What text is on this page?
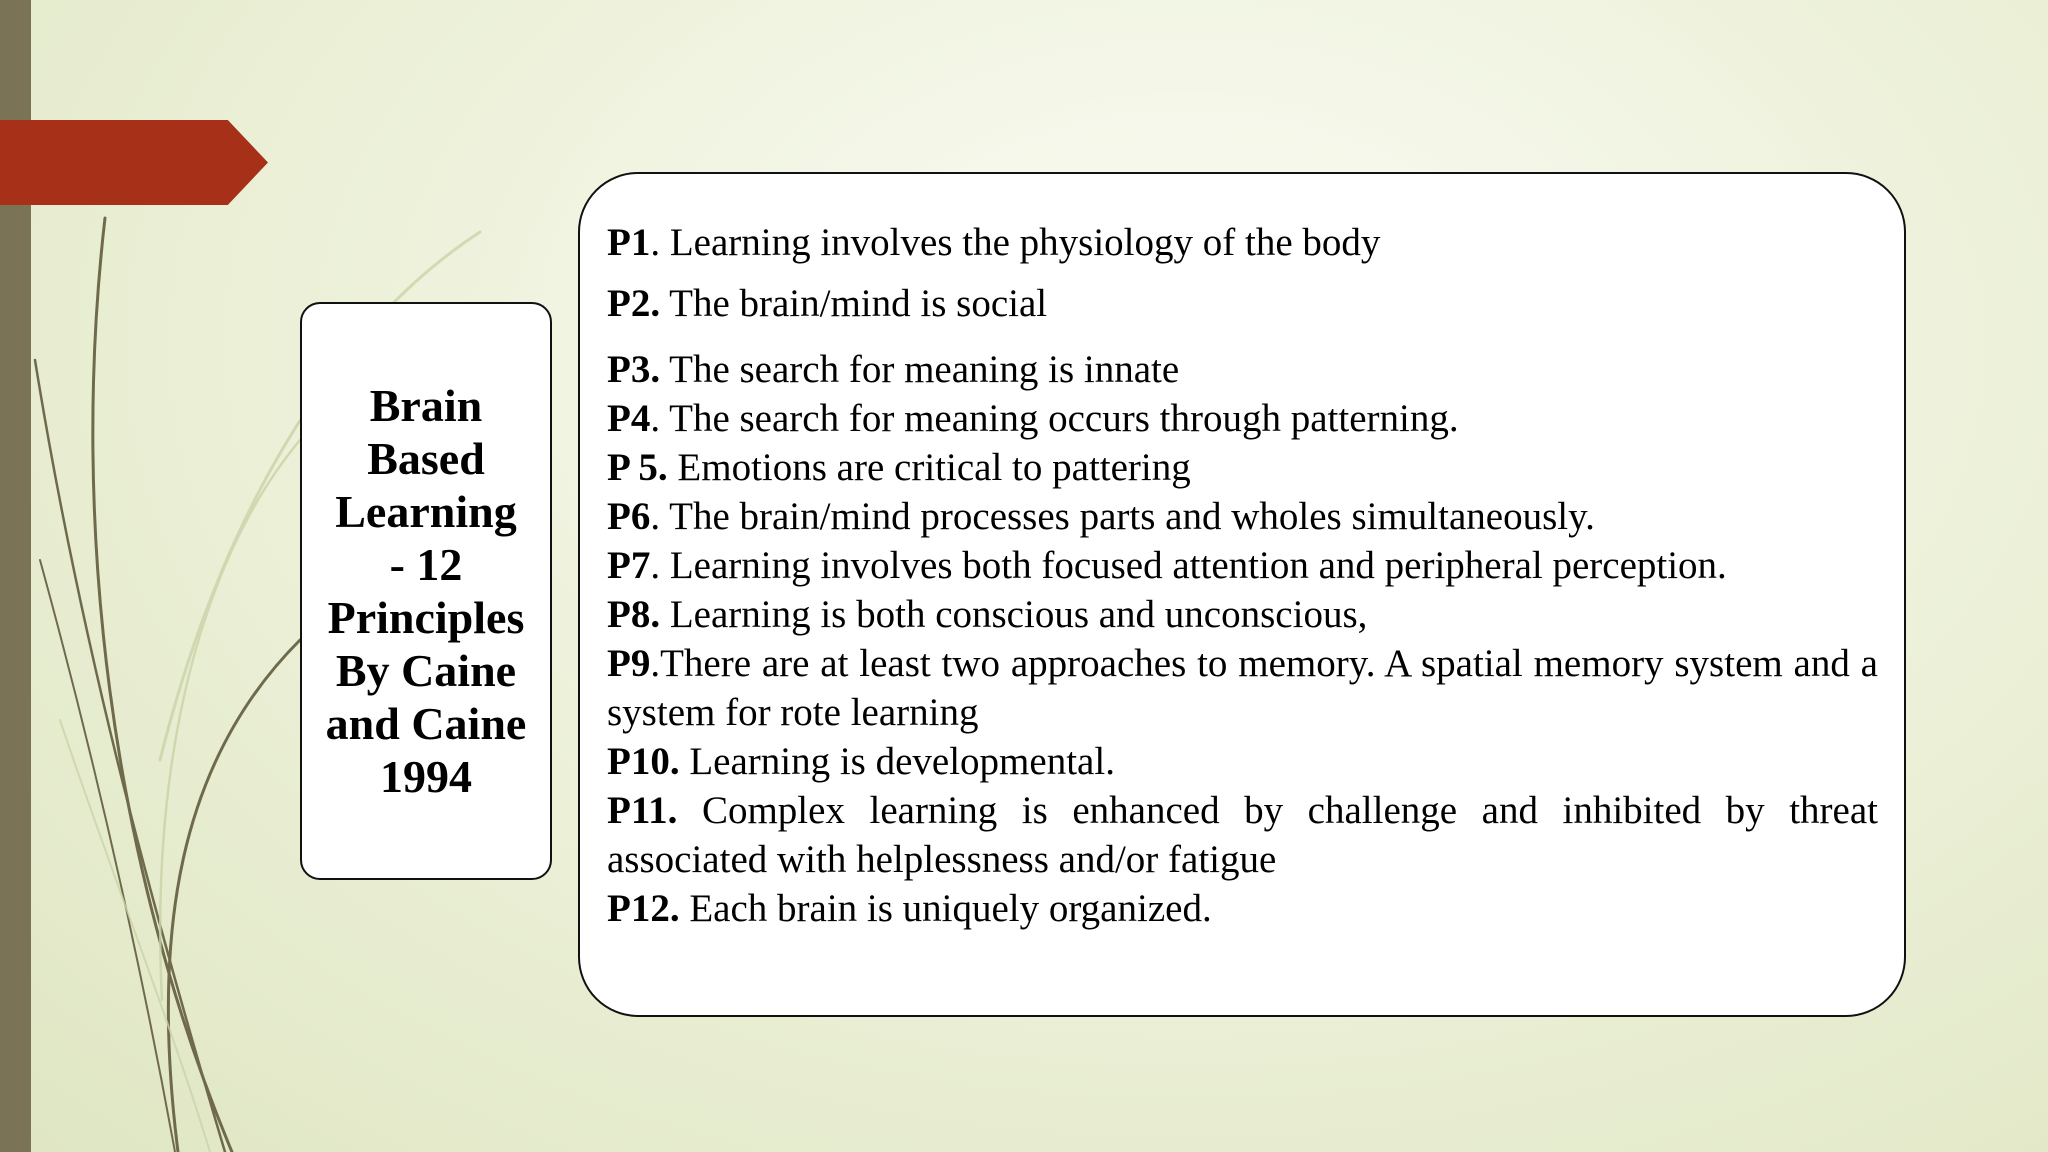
Brain
Based
Learning
- 12
Principles
By Caine
and Caine
1994

P1. Learning involves the physiology of the body

P2. The brain/mind is social

P3. The search for meaning is innate

P4. The search for meaning occurs through patterning.

P 5. Emotions are critical to pattering

P6. The brain/mind processes parts and wholes simultaneously.

P7. Learning involves both focused attention and peripheral perception.

P8. Learning is both conscious and unconscious,

P9.There are at least two approaches to memory. A spatial memory system and a system for rote learning

P10. Learning is developmental.

P11. Complex learning is enhanced by challenge and inhibited by threat associated with helplessness and/or fatigue

P12. Each brain is uniquely organized.
